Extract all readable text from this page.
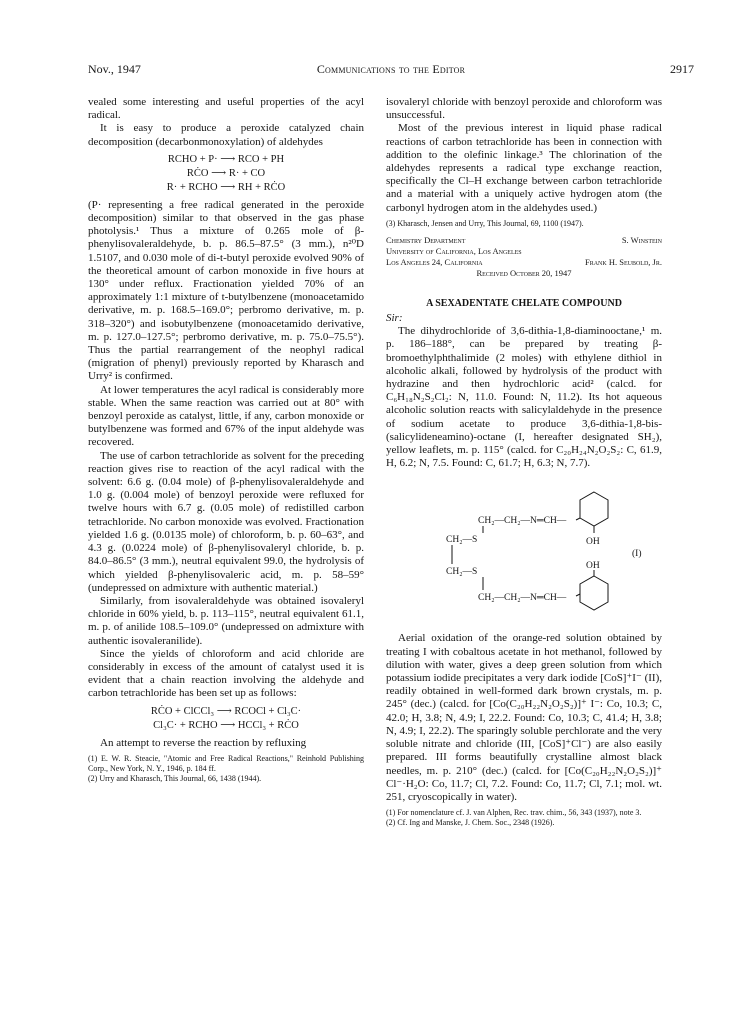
Nov., 1947	Communications to the Editor	2917

vealed some interesting and useful properties of the acyl radical.

It is easy to produce a peroxide catalyzed chain decomposition (decarbonmonoxylation) of aldehydes

RCHO + P· ⟶ RCO + PH
RĊO ⟶ R· + CO
R· + RCHO ⟶ RH + RĊO

(P· representing a free radical generated in the peroxide decomposition) similar to that observed in the gas phase photolysis.¹ Thus a mixture of 0.265 mole of β-phenylisovaleraldehyde, b. p. 86.5–87.5° (3 mm.), n²⁰D 1.5107, and 0.030 mole of di-t-butyl peroxide evolved 90% of the theoretical amount of carbon monoxide in five hours at 130° under reflux. Fractionation yielded 70% of an approximately 1:1 mixture of t-butylbenzene (monoacetamido derivative, m. p. 168.5–169.0°; perbromo derivative, m. p. 318–320°) and isobutylbenzene (monoacetamido derivative, m. p. 127.0–127.5°; perbromo derivative, m. p. 75.0–75.5°). Thus the partial rearrangement of the neophyl radical (migration of phenyl) previously reported by Kharasch and Urry² is confirmed.

At lower temperatures the acyl radical is considerably more stable. When the same reaction was carried out at 80° with benzoyl peroxide as catalyst, little, if any, carbon monoxide or butylbenzene was formed and 67% of the input aldehyde was recovered.

The use of carbon tetrachloride as solvent for the preceding reaction gives rise to reaction of the acyl radical with the solvent: 6.6 g. (0.04 mole) of β-phenylisovaleraldehyde and 1.0 g. (0.004 mole) of benzoyl peroxide were refluxed for twelve hours with 6.7 g. (0.05 mole) of redistilled carbon tetrachloride. No carbon monoxide was evolved. Fractionation yielded 1.6 g. (0.0135 mole) of chloroform, b. p. 60–63°, and 4.3 g. (0.0224 mole) of β-phenylisovaleryl chloride, b. p. 84.0–86.5° (3 mm.), neutral equivalent 99.0, the hydrolysis of which yielded β-phenylisovaleric acid, m. p. 58–59° (undepressed on admixture with authentic material.)

Similarly, from isovaleraldehyde was obtained isovaleryl chloride in 60% yield, b. p. 113–115°, neutral equivalent 61.1, m. p. of anilide 108.5–109.0° (undepressed on admixture with authentic isovaleranilide).

Since the yields of chloroform and acid chloride are considerably in excess of the amount of catalyst used it is evident that a chain reaction involving the aldehyde and carbon tetrachloride has been set up as follows:

RĊO + ClCCl₃ ⟶ RCOCl + Cl₃C·
Cl₃C· + RCHO ⟶ HCCl₃ + RĊO

An attempt to reverse the reaction by refluxing

(1) E. W. R. Steacie, "Atomic and Free Radical Reactions," Reinhold Publishing Corp., New York, N. Y., 1946, p. 184 ff.

(2) Urry and Kharasch, This Journal, 66, 1438 (1944).

isovaleryl chloride with benzoyl peroxide and chloroform was unsuccessful.

Most of the previous interest in liquid phase radical reactions of carbon tetrachloride has been in connection with addition to the olefinic linkage.³ The chlorination of the aldehydes represents a radical type exchange reaction, specifically the Cl–H exchange between carbon tetrachloride and a material with a uniquely active hydrogen atom (the carbonyl hydrogen atom in the aldehydes used.)

(3) Kharasch, Jensen and Urry, This Journal, 69, 1100 (1947).

Chemistry Department	S. Winstein
University of California, Los Angeles
Los Angeles 24, California	Frank H. Seubold, Jr.
Received October 20, 1947
A SEXADENTATE CHELATE COMPOUND

Sir:

The dihydrochloride of 3,6-dithia-1,8-diaminooctane,¹ m. p. 186–188°, can be prepared by treating β-bromoethylphthalimide (2 moles) with ethylene dithiol in alcoholic alkali, followed by hydrolysis of the product with hydrazine and then hydrochloric acid² (calcd. for C₆H₁₈N₂S₂Cl₂: N, 11.0. Found: N, 11.2). Its hot aqueous alcoholic solution reacts with salicylaldehyde in the presence of sodium acetate to produce 3,6-dithia-1,8-bis-(salicylideneamino)-octane (I, hereafter designated SH₂), yellow leaflets, m. p. 115° (calcd. for C₂₀H₂₄N₂O₂S₂: C, 61.9, H, 6.2; N, 7.5. Found: C, 61.7; H, 6.3; N, 7.7).

CH₂—CH₂—N═CH—
CH₂—S
CH₂—S
OH
OH
(I)
CH₂—CH₂—N═CH—

Aerial oxidation of the orange-red solution obtained by treating I with cobaltous acetate in hot methanol, followed by dilution with water, gives a deep green solution from which potassium iodide precipitates a very dark iodide [CoS]⁺I⁻ (II), readily obtained in well-formed dark brown crystals, m. p. 245° (dec.) (calcd. for [Co(C₂₀H₂₂N₂O₂S₂)]⁺ I⁻: Co, 10.3; C, 42.0; H, 3.8; N, 4.9; I, 22.2. Found: Co, 10.3; C, 41.4; H, 3.8; N, 4.9; I, 22.2). The sparingly soluble perchlorate and the very soluble nitrate and chloride (III, [CoS]⁺Cl⁻) are also easily prepared. III forms beautifully crystalline almost black needles, m. p. 210° (dec.) (calcd. for [Co(C₂₀H₂₂N₂O₂S₂)]⁺ Cl⁻·H₂O: Co, 11.7; Cl, 7.2. Found: Co, 11.7; Cl, 7.1; mol. wt. 251, cryoscopically in water).

(1) For nomenclature cf. J. van Alphen, Rec. trav. chim., 56, 343 (1937), note 3.

(2) Cf. Ing and Manske, J. Chem. Soc., 2348 (1926).
